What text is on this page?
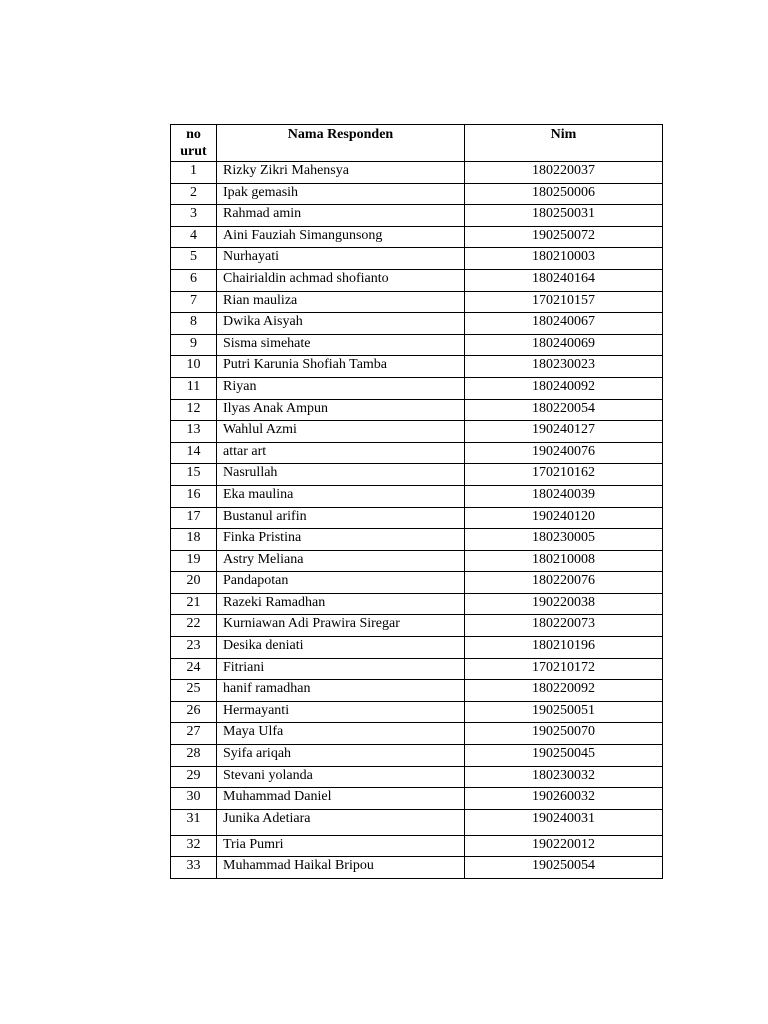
no urut	Nama Responden	Nim
1	Rizky Zikri Mahensya	180220037
2	Ipak gemasih	180250006
3	Rahmad amin	180250031
4	Aini Fauziah Simangunsong	190250072
5	Nurhayati	180210003
6	Chairialdin achmad shofianto	180240164
7	Rian mauliza	170210157
8	Dwika Aisyah	180240067
9	Sisma simehate	180240069
10	Putri Karunia Shofiah Tamba	180230023
11	Riyan	180240092
12	Ilyas Anak Ampun	180220054
13	Wahlul Azmi	190240127
14	attar art	190240076
15	Nasrullah	170210162
16	Eka maulina	180240039
17	Bustanul arifin	190240120
18	Finka Pristina	180230005
19	Astry Meliana	180210008
20	Pandapotan	180220076
21	Razeki Ramadhan	190220038
22	Kurniawan Adi Prawira Siregar	180220073
23	Desika deniati	180210196
24	Fitriani	170210172
25	hanif ramadhan	180220092
26	Hermayanti	190250051
27	Maya Ulfa	190250070
28	Syifa ariqah	190250045
29	Stevani yolanda	180230032
30	Muhammad Daniel	190260032
31	Junika Adetiara	190240031
32	Tria Pumri	190220012
33	Muhammad Haikal Bripou	190250054
